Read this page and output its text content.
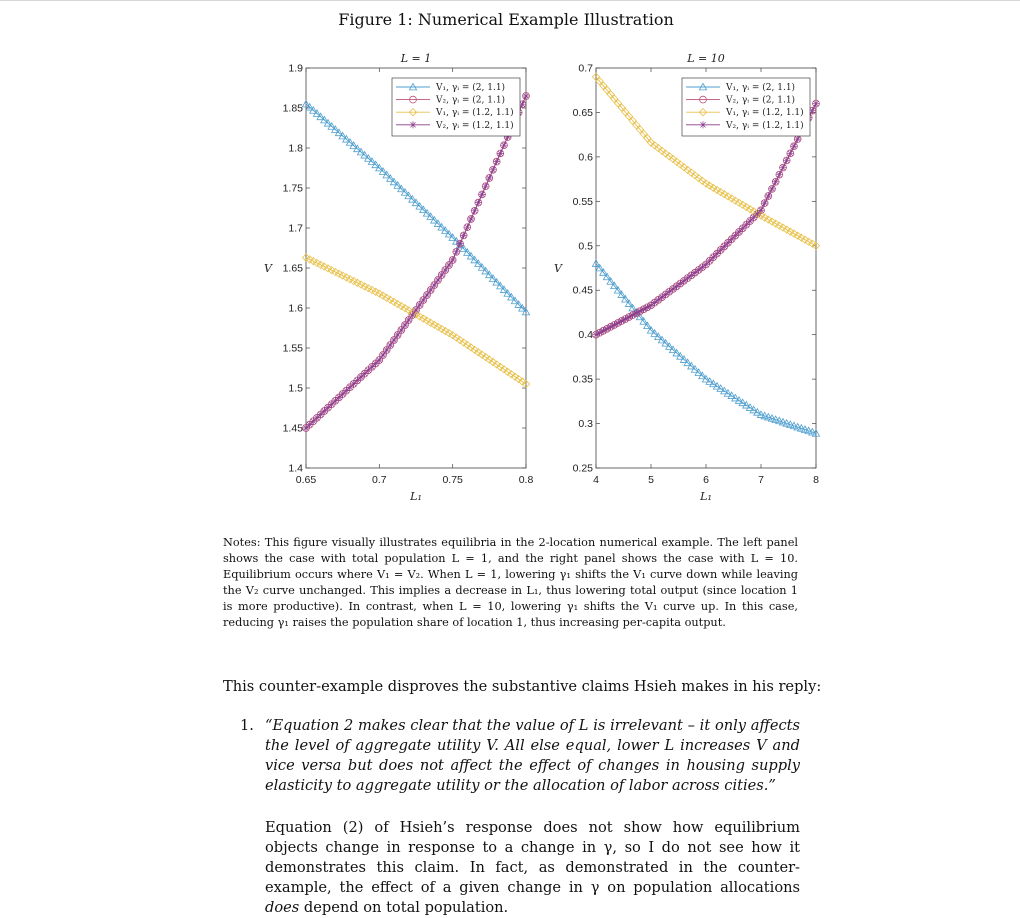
Figure 1: Numerical Example Illustration
L = 1
1.4
1.45
1.5
1.55
1.6
1.65
1.7
1.75
1.8
1.85
1.9
0.65	0.7	0.75	0.8
L₁
V
V₁, γᵢ = (2, 1.1)
V₂, γᵢ = (2, 1.1)
V₁, γᵢ = (1.2, 1.1)
V₂, γᵢ = (1.2, 1.1)
L = 10
0.25
0.3
0.35
0.4
0.45
0.5
0.55
0.6
0.65
0.7
4	5	6	7	8
L₁
V
V₁, γᵢ = (2, 1.1)
V₂, γᵢ = (2, 1.1)
V₁, γᵢ = (1.2, 1.1)
V₂, γᵢ = (1.2, 1.1)
Notes: This figure visually illustrates equilibria in the 2-location numerical example. The left panel shows the case with total population L = 1, and the right panel shows the case with L = 10. Equilibrium occurs where V₁ = V₂. When L = 1, lowering γ₁ shifts the V₁ curve down while leaving the V₂ curve unchanged. This implies a decrease in L₁, thus lowering total output (since location 1 is more productive). In contrast, when L = 10, lowering γ₁ shifts the V₁ curve up. In this case, reducing γ₁ raises the population share of location 1, thus increasing per-capita output.
This counter-example disproves the substantive claims Hsieh makes in his reply:
1. “Equation 2 makes clear that the value of L is irrelevant – it only affects the level of aggregate utility V. All else equal, lower L increases V and vice versa but does not affect the effect of changes in housing supply elasticity to aggregate utility or the allocation of labor across cities.”
Equation (2) of Hsieh’s response does not show how equilibrium objects change in response to a change in γ, so I do not see how it demonstrates this claim. In fact, as demonstrated in the counter-example, the effect of a given change in γ on population allocations does depend on total population.
